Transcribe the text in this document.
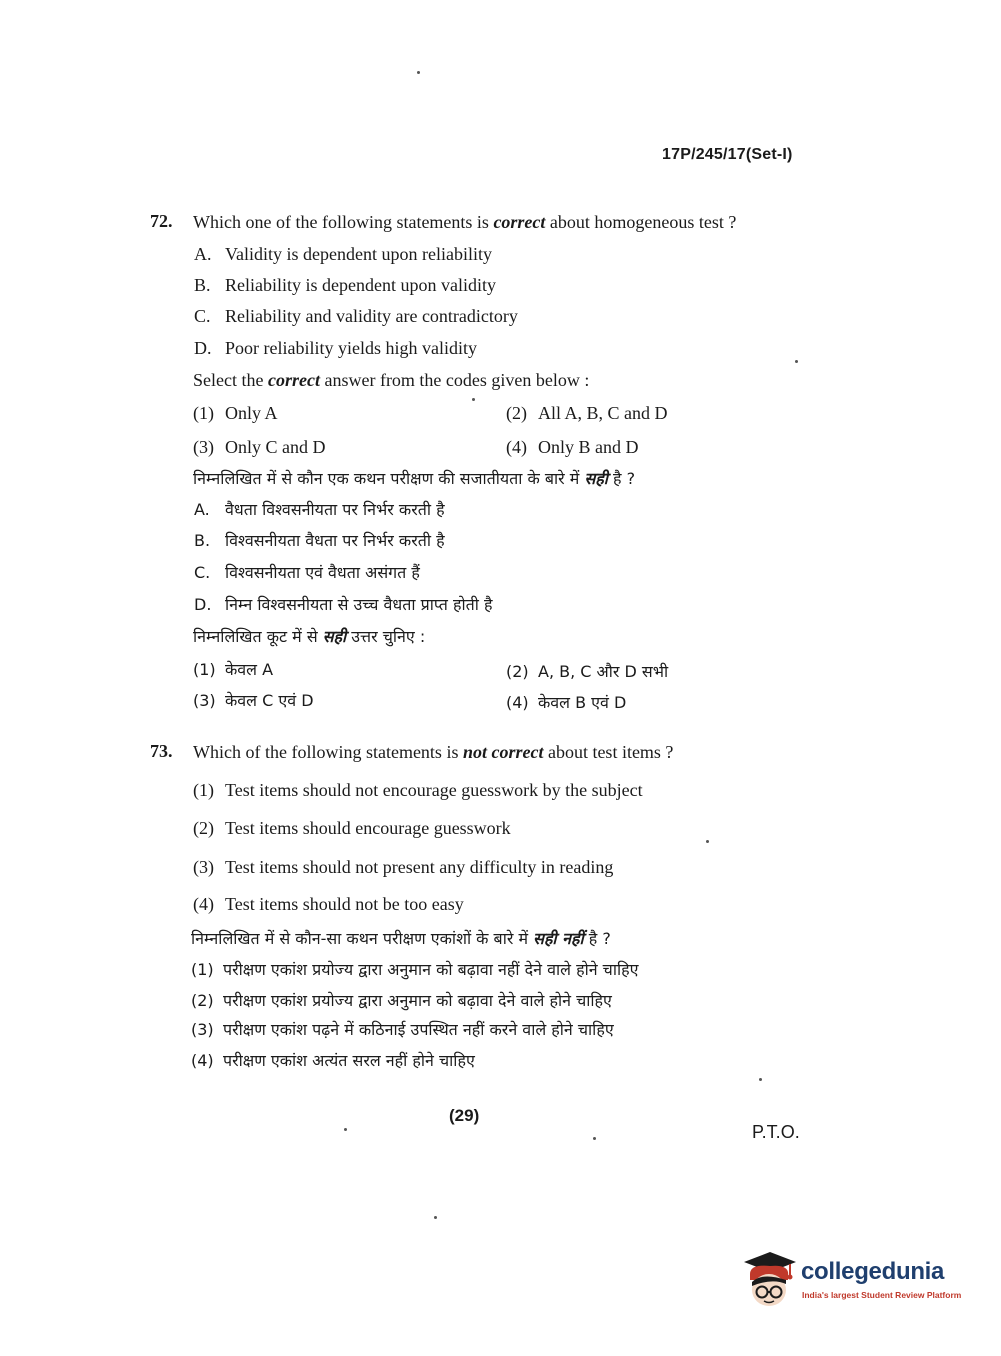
17P/245/17(Set-I)
72. Which one of the following statements is correct about homogeneous test ?
A. Validity is dependent upon reliability
B. Reliability is dependent upon validity
C. Reliability and validity are contradictory
D. Poor reliability yields high validity
Select the correct answer from the codes given below :
(1) Only A	(2) All A, B, C and D
(3) Only C and D	(4) Only B and D
निम्नलिखित में से कौन एक कथन परीक्षण की सजातीयता के बारे में सही है ?
A. वैधता विश्वसनीयता पर निर्भर करती है
B. विश्वसनीयता वैधता पर निर्भर करती है
C. विश्वसनीयता एवं वैधता असंगत हैं
D. निम्न विश्वसनीयता से उच्च वैधता प्राप्त होती है
निम्नलिखित कूट में से सही उत्तर चुनिए :
(1) केवल A	(2) A, B, C और D सभी
(3) केवल C एवं D	(4) केवल B एवं D
73. Which of the following statements is not correct about test items ?
(1) Test items should not encourage guesswork by the subject
(2) Test items should encourage guesswork
(3) Test items should not present any difficulty in reading
(4) Test items should not be too easy
निम्नलिखित में से कौन-सा कथन परीक्षण एकांशों के बारे में सही नहीं है ?
(1) परीक्षण एकांश प्रयोज्य द्वारा अनुमान को बढ़ावा नहीं देने वाले होने चाहिए
(2) परीक्षण एकांश प्रयोज्य द्वारा अनुमान को बढ़ावा देने वाले होने चाहिए
(3) परीक्षण एकांश पढ़ने में कठिनाई उपस्थित नहीं करने वाले होने चाहिए
(4) परीक्षण एकांश अत्यंत सरल नहीं होने चाहिए
(29)
P.T.O.
collegedunia
India's largest Student Review Platform
